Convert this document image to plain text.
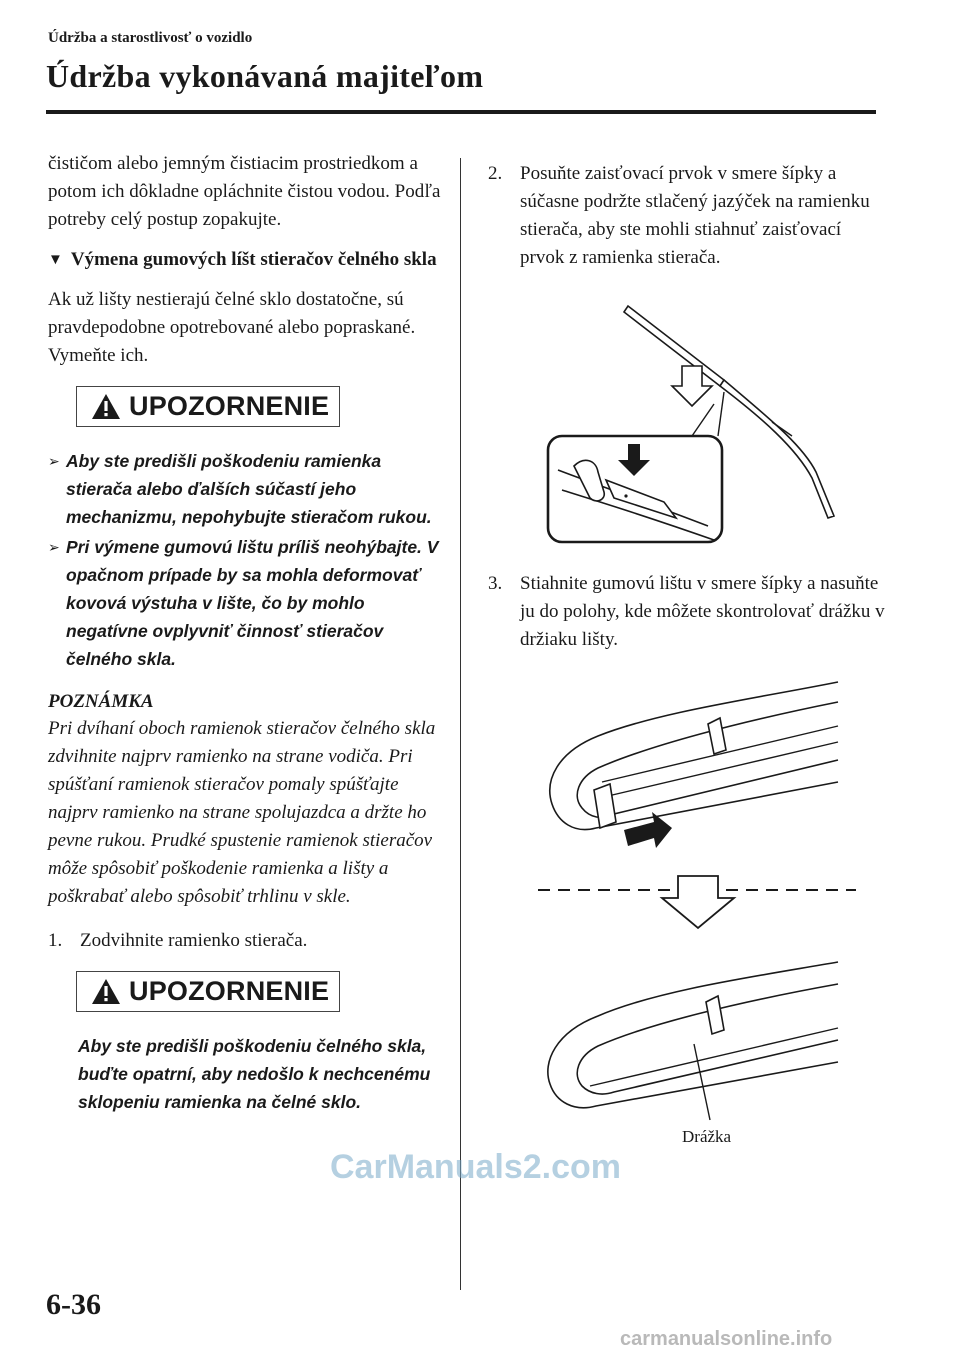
Údržba a starostlivosť o vozidlo
Údržba vykonávaná majiteľom

čističom alebo jemným čistiacim prostriedkom a potom ich dôkladne opláchnite čistou vodou. Podľa potreby celý postup zopakujte.

▼ Výmena gumových líšt stieračov čelného skla

Ak už lišty nestierajú čelné sklo dostatočne, sú pravdepodobne opotrebované alebo popraskané. Vymeňte ich.

UPOZORNENIE
➢ Aby ste predišli poškodeniu ramienka stierača alebo ďalších súčastí jeho mechanizmu, nepohybujte stieračom rukou.
➢ Pri výmene gumovú lištu príliš neohýbajte. V opačnom prípade by sa mohla deformovať kovová výstuha v lište, čo by mohlo negatívne ovplyvniť činnosť stieračov čelného skla.
POZNÁMKA

Pri dvíhaní oboch ramienok stieračov čelného skla zdvihnite najprv ramienko na strane vodiča. Pri spúšťaní ramienok stieračov pomaly spúšťajte najprv ramienko na strane spolujazdca a držte ho pevne rukou. Prudké spustenie ramienok stieračov môže spôsobiť poškodenie ramienka a lišty a poškrabať alebo spôsobiť trhlinu v skle.

1. Zodvihnite ramienko stierača.
UPOZORNENIE

Aby ste predišli poškodeniu čelného skla, buďte opatrní, aby nedošlo k nechcenému sklopeniu ramienka na čelné sklo.

2. Posuňte zaisťovací prvok v smere šípky a súčasne podržte stlačený jazýček na ramienku stierača, aby ste mohli stiahnuť zaisťovací prvok z ramienka stierača.
3. Stiahnite gumovú lištu v smere šípky a nasuňte ju do polohy, kde môžete skontrolovať drážku v držiaku lišty.
Drážka
6-36
CarManuals2.com
carmanualsonline.info
